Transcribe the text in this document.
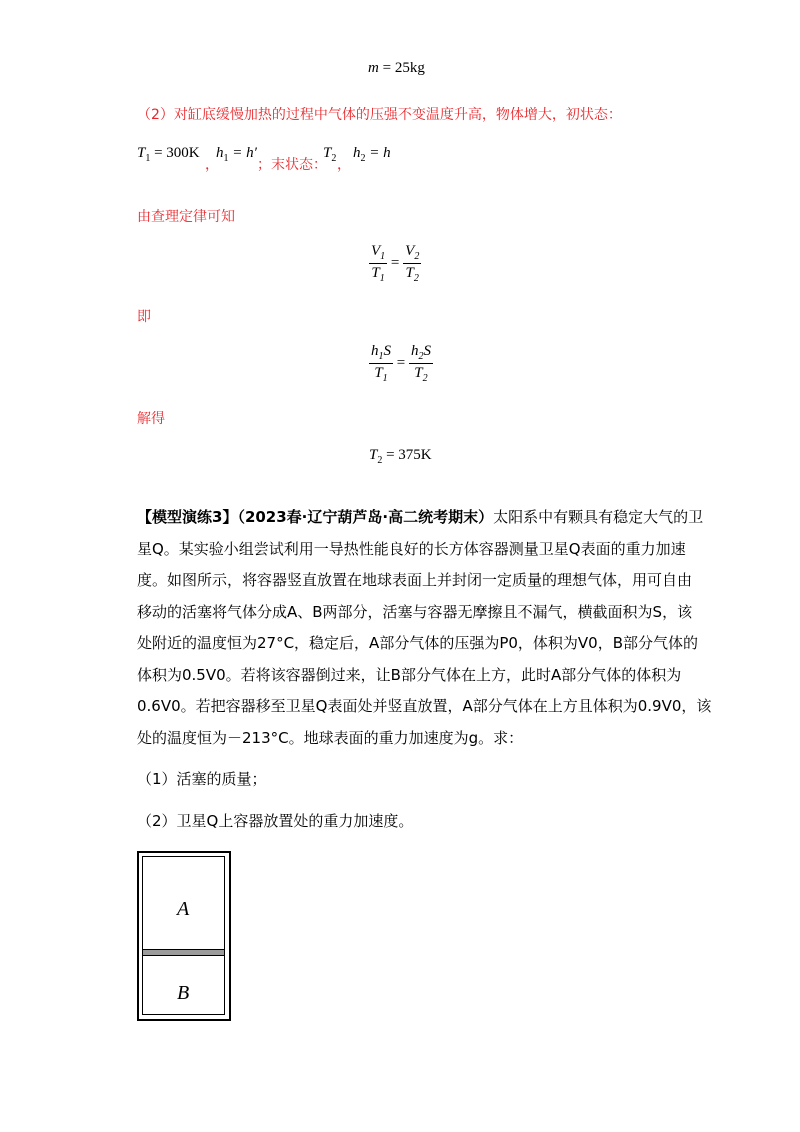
m = 25kg
（2）对缸底缓慢加热的过程中气体的压强不变温度升高，物体增大，初状态：
$T_1 = 300K$
，
$h_1 = h'$
；末状态：
$T_2$ ，
$h_2 = h$
由查理定律可知
$\frac{V_1}{T_1} = \frac{V_2}{T_2}$
即
$\frac{h_1S}{T_1} = \frac{h_2S}{T_2}$
解得
$T_2 = 375K$

【模型演练3】（2023春·辽宁葫芦岛·高二统考期末）太阳系中有颗具有稳定大气的卫

星Q。某实验小组尝试利用一导热性能良好的长方体容器测量卫星Q表面的重力加速

度。如图所示，将容器竖直放置在地球表面上并封闭一定质量的理想气体，用可自由

移动的活塞将气体分成A、B两部分，活塞与容器无摩擦且不漏气，横截面积为S，该

处附近的温度恒为27°C，稳定后，A部分气体的压强为P0，体积为V0，B部分气体的

体积为0.5V0。若将该容器倒过来，让B部分气体在上方，此时A部分气体的体积为

0.6V0。若把容器移至卫星Q表面处并竖直放置，A部分气体在上方且体积为0.9V0，该

处的温度恒为－213°C。地球表面的重力加速度为g。求：

（1）活塞的质量；

（2）卫星Q上容器放置处的重力加速度。

A
B
